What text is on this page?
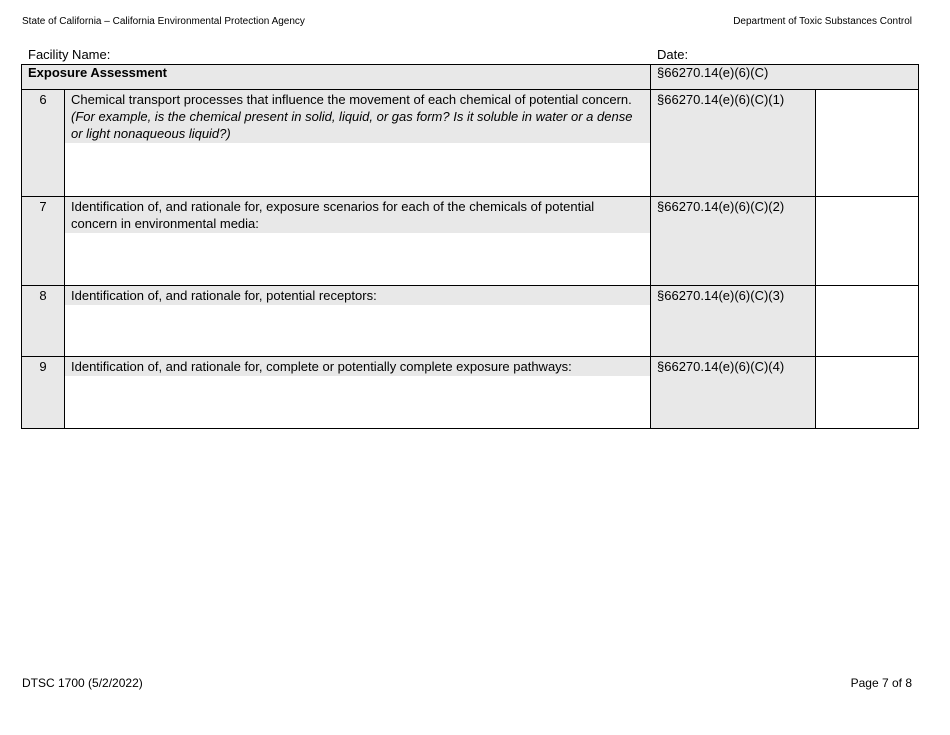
State of California – California Environmental Protection Agency	Department of Toxic Substances Control
Facility Name:	Date:
Exposure Assessment		§66270.14(e)(6)(C)	
6	Chemical transport processes that influence the movement of each chemical of potential concern. (For example, is the chemical present in solid, liquid, or gas form? Is it soluble in water or a dense or light nonaqueous liquid?)	§66270.14(e)(6)(C)(1)	
7	Identification of, and rationale for, exposure scenarios for each of the chemicals of potential concern in environmental media:	§66270.14(e)(6)(C)(2)	
8	Identification of, and rationale for, potential receptors:	§66270.14(e)(6)(C)(3)	
9	Identification of, and rationale for, complete or potentially complete exposure pathways:	§66270.14(e)(6)(C)(4)	
DTSC 1700 (5/2/2022)	Page 7 of 8
